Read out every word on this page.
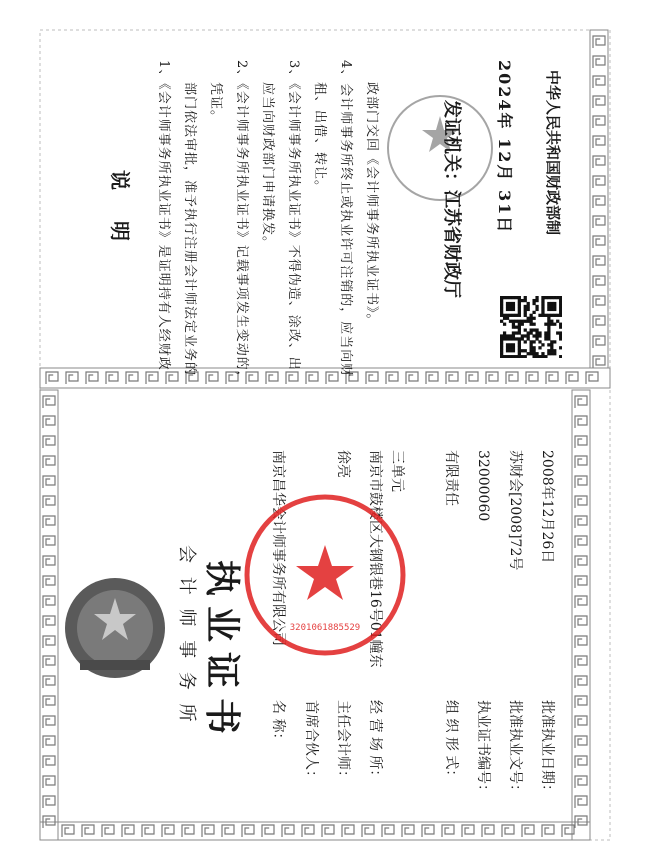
说 明 1、《会计师事务所执业证书》是证明持有人经财政 部门依法审批，准予执行注册会计师法定业务的 凭证。 2、《会计师事务所执业证书》记载事项发生变动的， 应当向财政部门申请换发。 3、《会计师事务所执业证书》不得伪造、涂改、出 租、出借、转让。 4、会计师事务所终止或执业许可注销的，应当向财 政部门交回《会计师事务所执业证书》。	发证机关：江苏省财政厅 2024年 12月 31日 中华人民共和国财政部制
会 计 师 事 务 所 执业证书 名 称：
南京昌华会计师事务所有限公司
首席合伙人： 主任会计师：
徐亮
经 营 场 所：
南京市鼓楼区大钢银巷16号01幢东 三单元
组 织 形 式：
有限责任
执业证书编号：
32000060
批准执业文号：
苏财会[2008]72号
批准执业日期：
2008年12月26日
3201061885529
